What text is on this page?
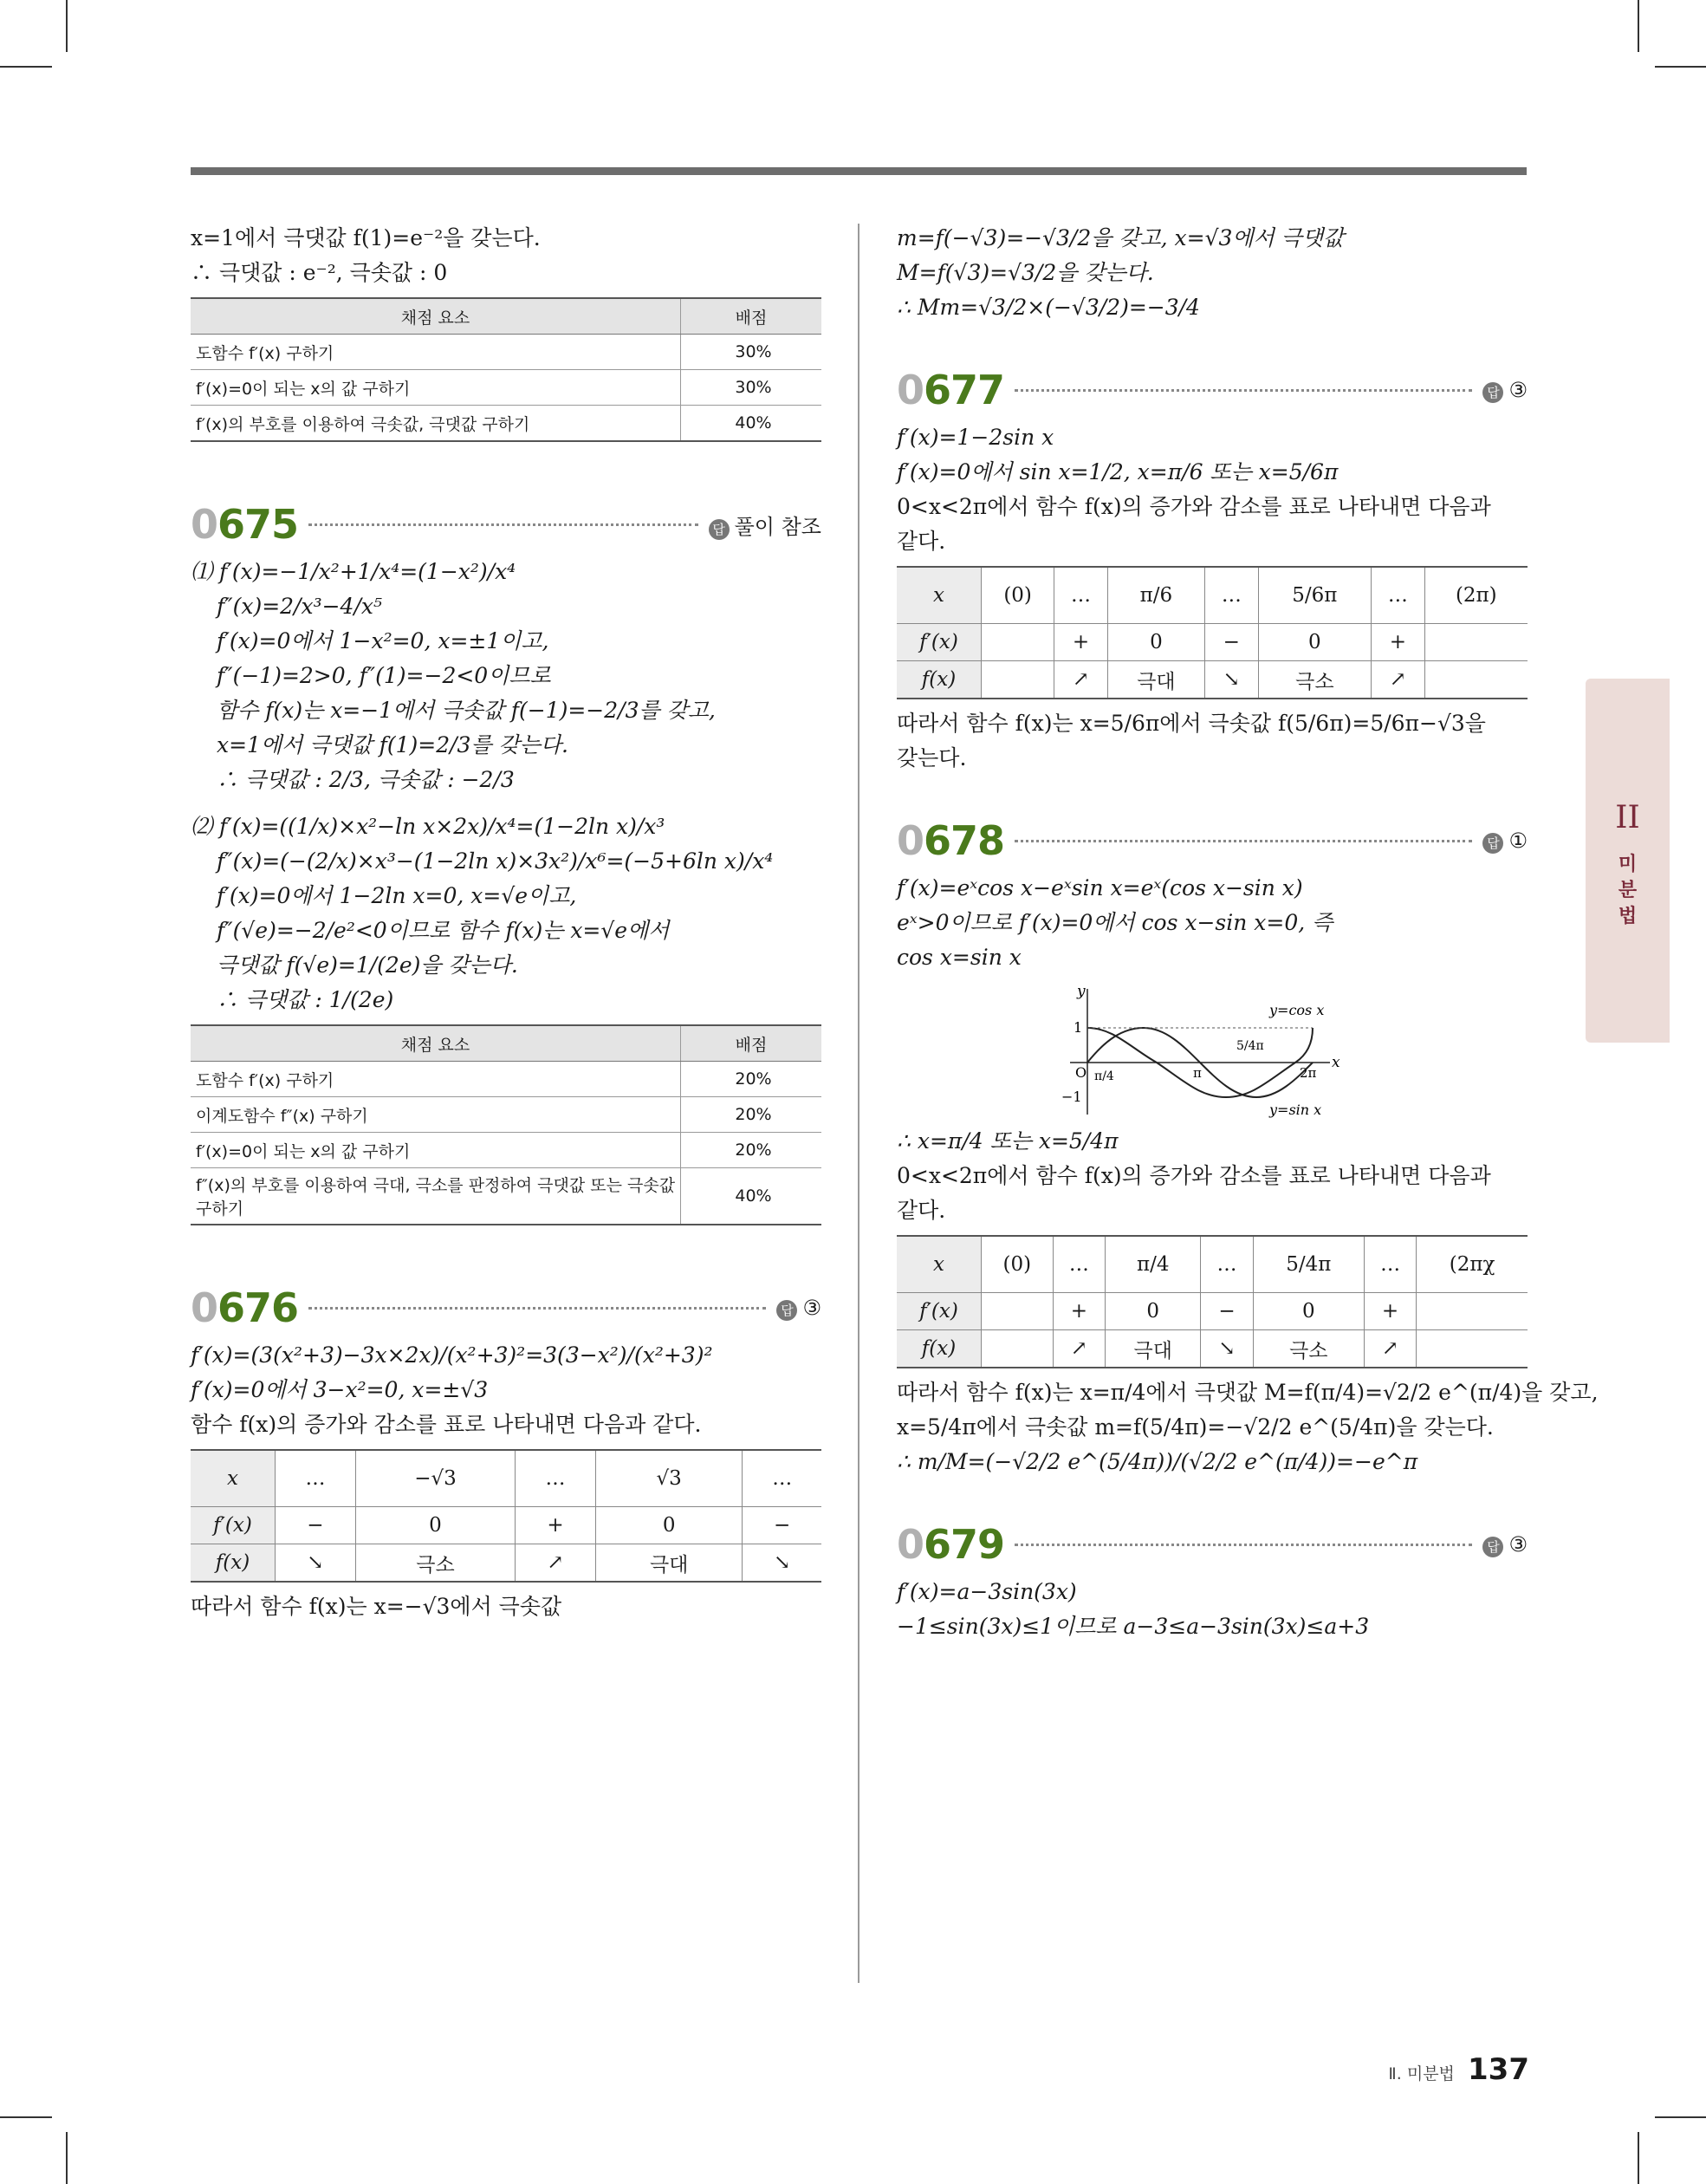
x=1에서 극댓값 f(1)=e⁻²을 갖는다.
∴ 극댓값 : e⁻², 극솟값 : 0
채점 요소	배점
도함수 f′(x) 구하기	30%
f′(x)=0이 되는 x의 값 구하기	30%
f′(x)의 부호를 이용하여 극솟값, 극댓값 구하기	40%
0675	답 풀이 참조
⑴ f′(x)=−1/x²+1/x⁴=(1−x²)/x⁴
f″(x)=2/x³−4/x⁵
f′(x)=0에서 1−x²=0, x=±1이고,
f″(−1)=2>0, f″(1)=−2<0이므로
함수 f(x)는 x=−1에서 극솟값 f(−1)=−2/3를 갖고,
x=1에서 극댓값 f(1)=2/3를 갖는다.
∴ 극댓값 : 2/3, 극솟값 : −2/3
⑵ f′(x)=((1/x)×x²−ln x×2x)/x⁴=(1−2ln x)/x³
f″(x)=(−(2/x)×x³−(1−2ln x)×3x²)/x⁶=(−5+6ln x)/x⁴
f′(x)=0에서 1−2ln x=0, x=√e이고,
f″(√e)=−2/e²<0이므로 함수 f(x)는 x=√e에서
극댓값 f(√e)=1/(2e)을 갖는다.
∴ 극댓값 : 1/(2e)
채점 요소	배점
도함수 f′(x) 구하기	20%
이계도함수 f″(x) 구하기	20%
f′(x)=0이 되는 x의 값 구하기	20%
f″(x)의 부호를 이용하여 극대, 극소를 판정하여 극댓값 또는 극솟값 구하기	40%
0676	답 ③
f′(x)=(3(x²+3)−3x×2x)/(x²+3)²=3(3−x²)/(x²+3)²
f′(x)=0에서 3−x²=0, x=±√3
함수 f(x)의 증가와 감소를 표로 나타내면 다음과 같다.
x	…	−√3	…	√3	…
f′(x)	−	0	+	0	−
f(x)	↘	극소	↗	극대	↘
따라서 함수 f(x)는 x=−√3에서 극솟값
m=f(−√3)=−√3/2을 갖고, x=√3에서 극댓값
M=f(√3)=√3/2을 갖는다.
∴ Mm=√3/2×(−√3/2)=−3/4
0677	답 ③
f′(x)=1−2sin x
f′(x)=0에서 sin x=1/2, x=π/6 또는 x=5/6π
0<x<2π에서 함수 f(x)의 증가와 감소를 표로 나타내면 다음과
같다.
x	(0)	…	π/6	…	5/6π	…	(2π)
f′(x)		+	0	−	0	+	
f(x)		↗	극대	↘	극소	↗	
따라서 함수 f(x)는 x=5/6π에서 극솟값 f(5/6π)=5/6π−√3을
갖는다.
0678	답 ①
f′(x)=eˣcos x−eˣsin x=eˣ(cos x−sin x)
eˣ>0이므로 f′(x)=0에서 cos x−sin x=0, 즉
cos x=sin x
y
x
1
−1
O π/4	π
5/4π
2π
y=cos x
y=sin x
∴ x=π/4 또는 x=5/4π
0<x<2π에서 함수 f(x)의 증가와 감소를 표로 나타내면 다음과
같다.
x	(0)	…	π/4	…	5/4π	…	(2πχ
f′(x)		+	0	−	0	+	
f(x)		↗	극대	↘	극소	↗	
따라서 함수 f(x)는 x=π/4에서 극댓값 M=f(π/4)=√2/2 e^(π/4)을 갖고,
x=5/4π에서 극솟값 m=f(5/4π)=−√2/2 e^(5/4π)을 갖는다.
∴ m/M=(−√2/2 e^(5/4π))/(√2/2 e^(π/4))=−e^π
0679	답 ③
f′(x)=a−3sin(3x)
−1≤sin(3x)≤1이므로 a−3≤a−3sin(3x)≤a+3
II
미
분
법
Ⅱ. 미분법 137
